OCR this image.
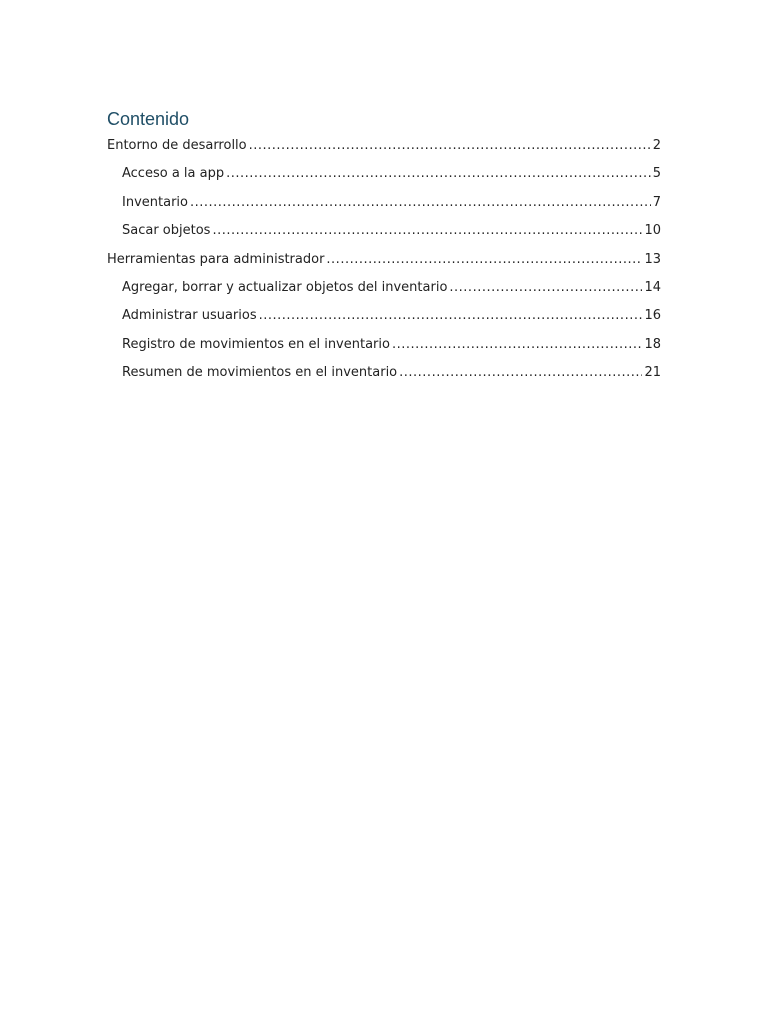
Contenido
Entorno de desarrollo .....	2
Acceso a la app .....	5
Inventario .....	7
Sacar objetos .....	10
Herramientas para administrador .....	13
Agregar, borrar y actualizar objetos del inventario .....	14
Administrar usuarios .....	16
Registro de movimientos en el inventario .....	18
Resumen de movimientos en el inventario .....	21
